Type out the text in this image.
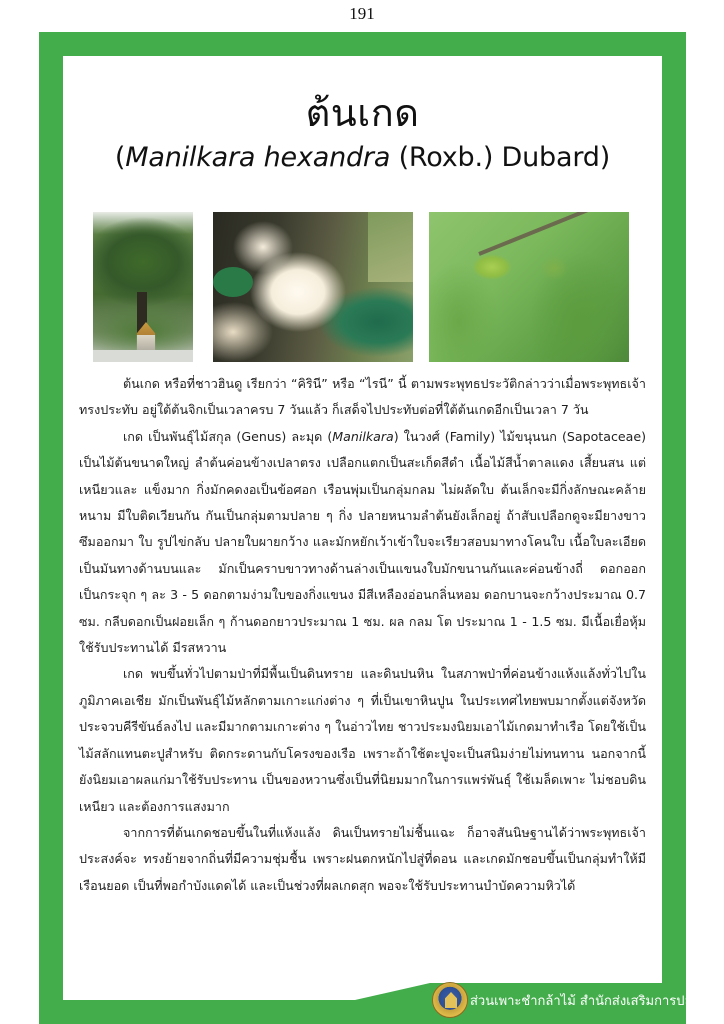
191
ต้นเกด
(Manilkara hexandra (Roxb.) Dubard)

ต้นเกด หรือที่ชาวฮินดู เรียกว่า “คิรินี” หรือ “ไรนี” นี้ ตามพระพุทธประวัติกล่าวว่าเมื่อพระพุทธเจ้าทรงประทับ อยู่ใต้ต้นจิกเป็นเวลาครบ 7 วันแล้ว ก็เสด็จไปประทับต่อที่ใต้ต้นเกดอีกเป็นเวลา 7 วัน

เกด เป็นพันธุ์ไม้สกุล (Genus) ละมุด (Manilkara) ในวงศ์ (Family) ไม้ขนุนนก (Sapotaceae) เป็นไม้ต้นขนาดใหญ่ ลำต้นค่อนข้างเปลาตรง เปลือกแตกเป็นสะเก็ดสีดำ เนื้อไม้สีน้ำตาลแดง เสี้ยนสน แต่เหนียวและ แข็งมาก กิ่งมักคดงอเป็นข้อศอก เรือนพุ่มเป็นกลุ่มกลม ไม่ผลัดใบ ต้นเล็กจะมีกิ่งลักษณะคล้ายหนาม มีใบติดเวียนกัน กันเป็นกลุ่มตามปลาย ๆ กิ่ง ปลายหนามลำต้นยังเล็กอยู่ ถ้าสับเปลือกดูจะมียางขาวซึมออกมา ใบ รูปไข่กลับ ปลายใบผายกว้าง และมักหยักเว้าเข้าใบจะเรียวสอบมาทางโคนใบ เนื้อใบละเอียดเป็นมันทางด้านบนและ มักเป็นคราบขาวทางด้านล่างเป็นแขนงใบมักขนานกันและค่อนข้างถี่ ดอกออกเป็นกระจุก ๆ ละ 3 - 5 ดอกตามง่ามใบของกิ่งแขนง มีสีเหลืองอ่อนกลิ่นหอม ดอกบานจะกว้างประมาณ 0.7 ซม. กลีบดอกเป็นฝอยเล็ก ๆ ก้านดอกยาวประมาณ 1 ซม. ผล กลม โต ประมาณ 1 - 1.5 ซม. มีเนื้อเยื่อหุ้มใช้รับประทานได้ มีรสหวาน

เกด พบขึ้นทั่วไปตามป่าที่มีพื้นเป็นดินทราย และดินปนหิน ในสภาพป่าที่ค่อนข้างแห้งแล้งทั่วไปในภูมิภาคเอเชีย มักเป็นพันธุ์ไม้หลักตามเกาะแก่งต่าง ๆ ที่เป็นเขาหินปูน ในประเทศไทยพบมากตั้งแต่จังหวัดประจวบคีรีขันธ์ลงไป และมีมากตามเกาะต่าง ๆ ในอ่าวไทย ชาวประมงนิยมเอาไม้เกดมาทำเรือ โดยใช้เป็นไม้สลักแทนตะปูสำหรับ ติดกระดานกับโครงของเรือ เพราะถ้าใช้ตะปูจะเป็นสนิมง่ายไม่ทนทาน นอกจากนี้ยังนิยมเอาผลแก่มาใช้รับประทาน เป็นของหวานซึ่งเป็นที่นิยมมากในการแพร่พันธุ์ ใช้เมล็ดเพาะ ไม่ชอบดินเหนียว และต้องการแสงมาก

จากการที่ต้นเกดชอบขึ้นในที่แห้งแล้ง ดินเป็นทรายไม่ชื้นแฉะ ก็อาจสันนิษฐานได้ว่าพระพุทธเจ้าประสงค์จะ ทรงย้ายจากถิ่นที่มีความชุ่มชื้น เพราะฝนตกหนักไปสู่ที่ดอน และเกดมักชอบขึ้นเป็นกลุ่มทำให้มีเรือนยอด เป็นที่พอกำบังแดดได้ และเป็นช่วงที่ผลเกดสุก พอจะใช้รับประทานบำบัดความหิวได้

ส่วนเพาะชำกล้าไม้ สำนักส่งเสริมการปลูกป่า
